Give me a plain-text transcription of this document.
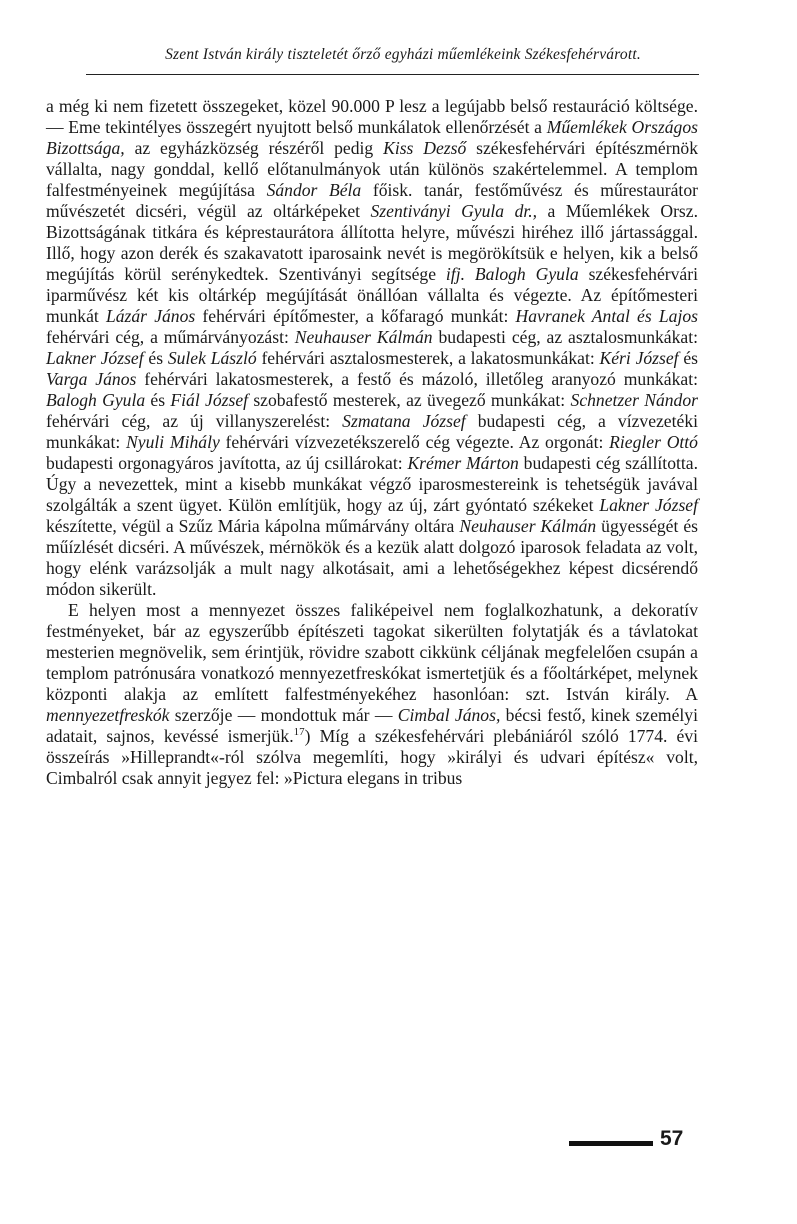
Szent István király tiszteletét őrző egyházi műemlékeink Székesfehérvárott.

a még ki nem fizetett összegeket, közel 90.000 P lesz a legújabb belső restauráció költsége. — Eme tekintélyes összegért nyujtott belső munkálatok ellenőrzését a Műemlékek Országos Bizottsága, az egyházközség részéről pedig Kiss Dezső székesfehérvári építészmérnök vállalta, nagy gonddal, kellő előtanulmányok után különös szakértelemmel. A templom falfestményeinek megújítása Sándor Béla főisk. tanár, festőművész és műrestaurátor művészetét dicséri, végül az oltárképeket Szentiványi Gyula dr., a Műemlékek Orsz. Bizottságának titkára és képrestaurátora állította helyre, művészi hiréhez illő jártassággal. Illő, hogy azon derék és szakavatott iparosaink nevét is megörökítsük e helyen, kik a belső megújítás körül serénykedtek. Szentiványi segítsége ifj. Balogh Gyula székesfehérvári iparművész két kis oltárkép megújítását önállóan vállalta és végezte. Az építőmesteri munkát Lázár János fehérvári építőmester, a kőfaragó munkát: Havranek Antal és Lajos fehérvári cég, a műmárványozást: Neuhauser Kálmán budapesti cég, az asztalosmunkákat: Lakner József és Sulek László fehérvári asztalosmesterek, a lakatosmunkákat: Kéri József és Varga János fehérvári lakatosmesterek, a festő és mázoló, illetőleg aranyozó munkákat: Balogh Gyula és Fiál József szobafestő mesterek, az üvegező munkákat: Schnetzer Nándor fehérvári cég, az új villanyszerelést: Szmatana József budapesti cég, a vízvezetéki munkákat: Nyuli Mihály fehérvári vízvezetékszerelő cég végezte. Az orgonát: Riegler Ottó budapesti orgonagyáros javította, az új csillárokat: Krémer Márton budapesti cég szállította. Úgy a nevezettek, mint a kisebb munkákat végző iparosmestereink is tehetségük javával szolgálták a szent ügyet. Külön említjük, hogy az új, zárt gyóntató székeket Lakner József készítette, végül a Szűz Mária kápolna műmárvány oltára Neuhauser Kálmán ügyességét és műízlését dicséri. A művészek, mérnökök és a kezük alatt dolgozó iparosok feladata az volt, hogy elénk varázsolják a mult nagy alkotásait, ami a lehetőségekhez képest dicsérendő módon sikerült.

E helyen most a mennyezet összes faliképeivel nem foglalkozhatunk, a dekoratív festményeket, bár az egyszerűbb építészeti tagokat sikerülten folytatják és a távlatokat mesterien megnövelik, sem érintjük, rövidre szabott cikkünk céljának megfelelően csupán a templom patrónusára vonatkozó mennyezetfreskókat ismertetjük és a főoltárképet, melynek központi alakja az említett falfestményekéhez hasonlóan: szt. István király. A mennyezetfreskók szerzője — mondottuk már — Cimbal János, bécsi festő, kinek személyi adatait, sajnos, kevéssé ismerjük.$^{17}$) Míg a székesfehérvári plebániáról szóló 1774. évi összeírás »Hilleprandt«-ról szólva megemlíti, hogy »királyi és udvari építész« volt, Cimbalról csak annyit jegyez fel: »Pictura elegans in tribus

57
